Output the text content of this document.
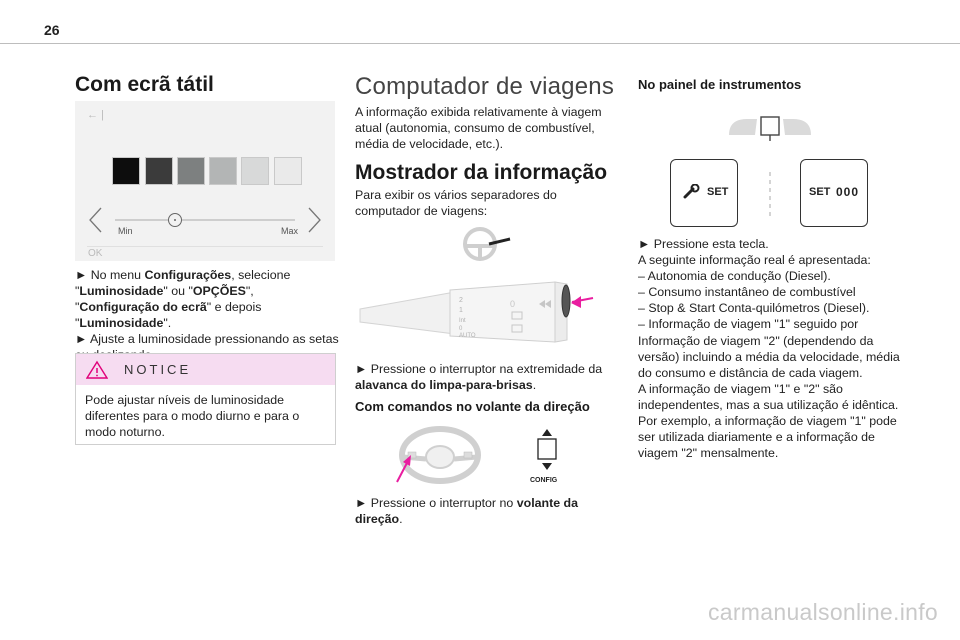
26
Com ecrã tátil
← |
Min	Max
OK
► No menu Configurações, selecione "Luminosidade" ou "OPÇÕES", "Configuração do ecrã" e depois "Luminosidade".
► Ajuste a luminosidade pressionando as setas
NOTICE
Pode ajustar níveis de luminosidade diferentes para o modo diurno e para o modo noturno.
Computador de viagens
A informação exibida relativamente à viagem atual (autonomia, consumo de combustível, média de velocidade, etc.).
Mostrador da informação
Para exibir os vários separadores do computador de viagens:
2
1
Int
0
AUTO
0
► Pressione o interruptor na extremidade da alavanca do limpa-para-brisas.
Com comandos no volante da direção
CONFIG
► Pressione o interruptor no volante da direção.
No painel de instrumentos
SET	SET 000
► Pressione esta tecla.
A seguinte informação real é apresentada:
– Autonomia de condução (Diesel).
– Consumo instantâneo de combustível
– Stop & Start Conta-quilómetros (Diesel).
– Informação de viagem "1" seguido por Informação de viagem "2" (dependendo da versão) incluindo a média da velocidade, média do consumo e distância de cada viagem.
A informação de viagem "1" e "2" são independentes, mas a sua utilização é idêntica.
Por exemplo, a informação de viagem "1" pode ser utilizada diariamente e a informação de viagem "2" mensalmente.
carmanualsonline.info
